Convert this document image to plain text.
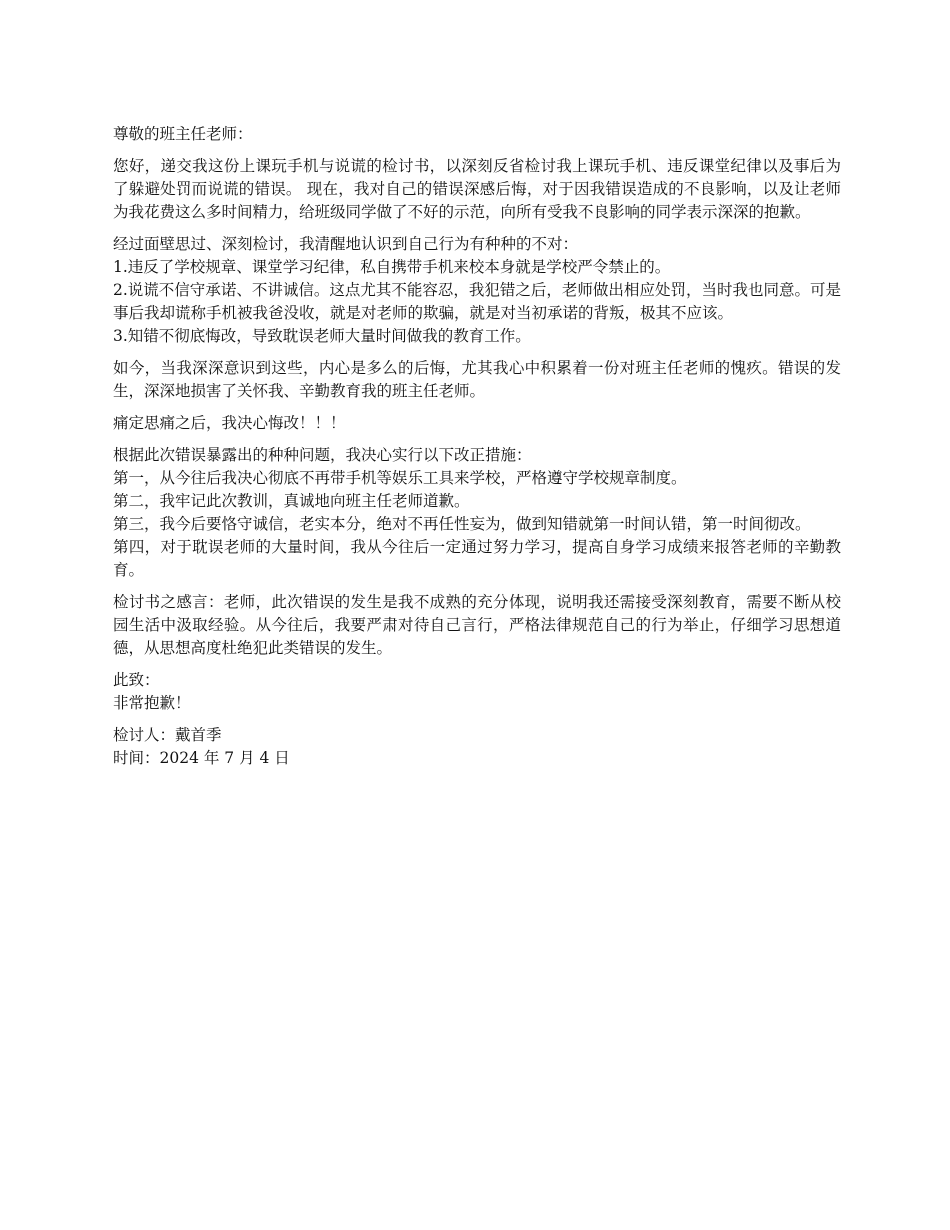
尊敬的班主任老师：

您好，递交我这份上课玩手机与说谎的检讨书，以深刻反省检讨我上课玩手机、违反课堂纪律以及事后为了躲避处罚而说谎的错误。 现在，我对自己的错误深感后悔，对于因我错误造成的不良影响，以及让老师为我花费这么多时间精力，给班级同学做了不好的示范，向所有受我不良影响的同学表示深深的抱歉。

经过面壁思过、深刻检讨，我清醒地认识到自己行为有种种的不对：
1.违反了学校规章、课堂学习纪律，私自携带手机来校本身就是学校严令禁止的。
2.说谎不信守承诺、不讲诚信。这点尤其不能容忍，我犯错之后，老师做出相应处罚，当时我也同意。可是事后我却谎称手机被我爸没收，就是对老师的欺骗，就是对当初承诺的背叛，极其不应该。
3.知错不彻底悔改，导致耽误老师大量时间做我的教育工作。

如今，当我深深意识到这些，内心是多么的后悔，尤其我心中积累着一份对班主任老师的愧疚。错误的发生，深深地损害了关怀我、辛勤教育我的班主任老师。

痛定思痛之后，我决心悔改！！！

根据此次错误暴露出的种种问题，我决心实行以下改正措施：
第一，从今往后我决心彻底不再带手机等娱乐工具来学校，严格遵守学校规章制度。
第二，我牢记此次教训，真诚地向班主任老师道歉。
第三，我今后要恪守诚信，老实本分，绝对不再任性妄为，做到知错就第一时间认错，第一时间彻改。
第四，对于耽误老师的大量时间，我从今往后一定通过努力学习，提高自身学习成绩来报答老师的辛勤教育。

检讨书之感言：老师，此次错误的发生是我不成熟的充分体现，说明我还需接受深刻教育，需要不断从校园生活中汲取经验。从今往后，我要严肃对待自己言行，严格法律规范自己的行为举止，仔细学习思想道德，从思想高度杜绝犯此类错误的发生。

此致：
非常抱歉！
检讨人：戴首季
时间：2024 年 7 月 4 日
